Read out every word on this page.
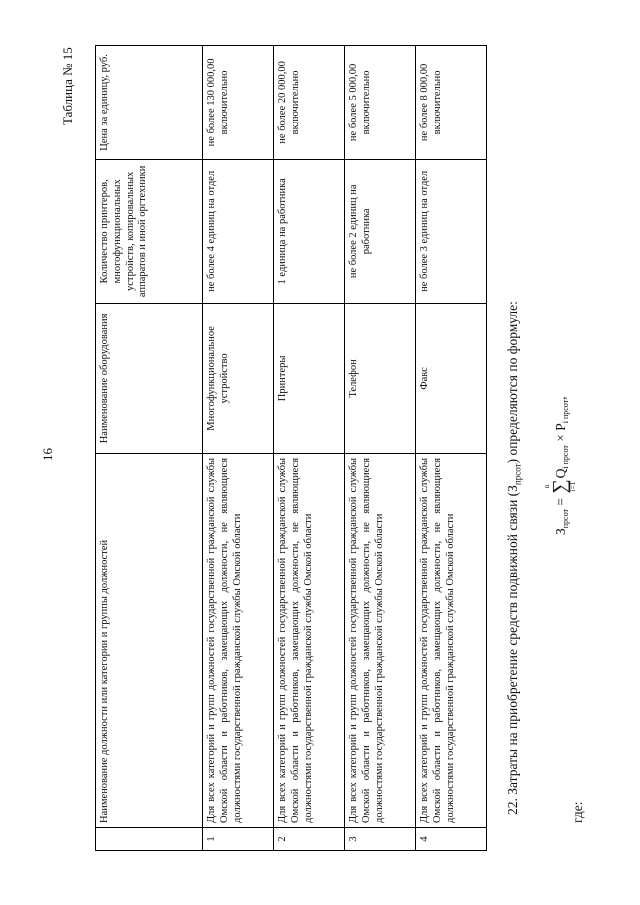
16
Таблица № 15
	Наименование должности или категории и группы должностей	Наименование оборудования	Количество принтеров, многофункциональных устройств, копировальных аппаратов и иной оргтехники	Цена за единицу, руб.
1	Для всех категорий и групп должностей государственной гражданской службы Омской области и работников, замещающих должности, не являющиеся должностями государственной гражданской службы Омской области	Многофункциональное устройство	не более 4 единиц на отдел	не более 130 000,00 включительно
2	Для всех категорий и групп должностей государственной гражданской службы Омской области и работников, замещающих должности, не являющиеся должностями государственной гражданской службы Омской области	Принтеры	1 единица на работника	не более 20 000,00 включительно
3	Для всех категорий и групп должностей государственной гражданской службы Омской области и работников, замещающих должности, не являющиеся должностями государственной гражданской службы Омской области	Телефон	не более 2 единиц на работника	не более 5 000,00 включительно
4	Для всех категорий и групп должностей государственной гражданской службы Омской области и работников, замещающих должности, не являющиеся должностями государственной гражданской службы Омской области	Факс	не более 3 единиц на отдел	не более 8 000,00 включительно
22. Затраты на приобретение средств подвижной связи $(З_{прсот})$ определяются по формуле:
$З_{прсот}$ =
n
∑
i=1
$Q_{i прсот} \times P_{i прсот}$,
где:
